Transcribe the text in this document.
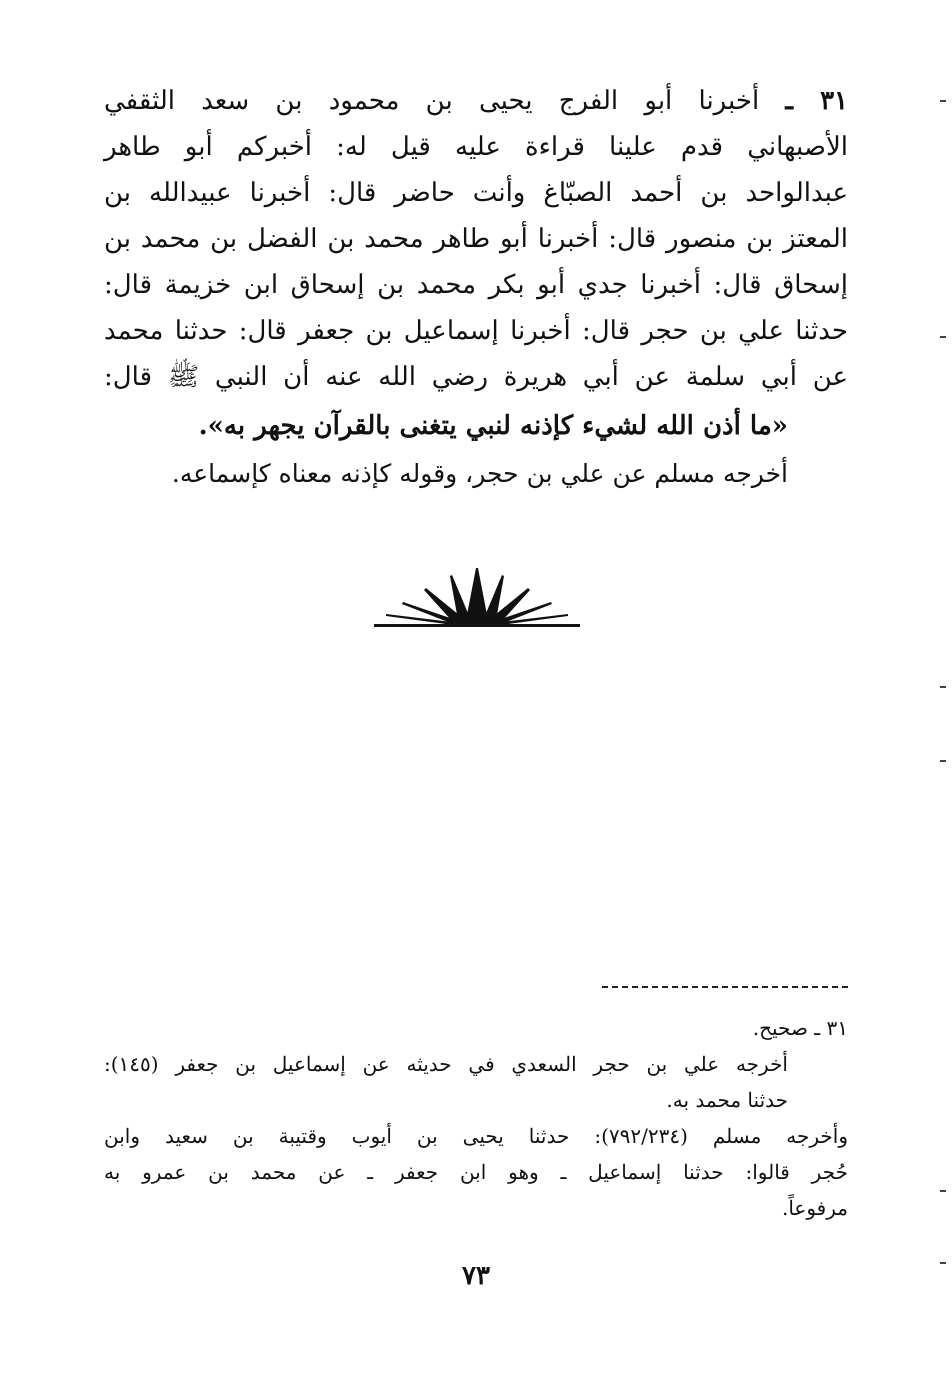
٣١ ـ أخبرنا أبو الفرج يحيى بن محمود بن سعد الثقفي
الأصبهاني قدم علينا قراءة عليه قيل له: أخبركم أبو طاهر
عبدالواحد بن أحمد الصبّاغ وأنت حاضر قال: أخبرنا عبيدالله بن
المعتز بن منصور قال: أخبرنا أبو طاهر محمد بن الفضل بن محمد بن
إسحاق قال: أخبرنا جدي أبو بكر محمد بن إسحاق ابن خزيمة قال:
حدثنا علي بن حجر قال: أخبرنا إسماعيل بن جعفر قال: حدثنا محمد
عن أبي سلمة عن أبي هريرة رضي الله عنه أن النبي ﷺ قال:
«ما أذن الله لشيء كإذنه لنبي يتغنى بالقرآن يجهر به».
أخرجه مسلم عن علي بن حجر، وقوله كإذنه معناه كإسماعه.
٣١ ـ صحيح.
أخرجه علي بن حجر السعدي في حديثه عن إسماعيل بن جعفر (١٤٥):
حدثنا محمد به.
وأخرجه مسلم (٧٩٢/٢٣٤): حدثنا يحيى بن أيوب وقتيبة بن سعيد وابن
حُجر قالوا: حدثنا إسماعيل ـ وهو ابن جعفر ـ عن محمد بن عمرو به
مرفوعاً.
٧٣
